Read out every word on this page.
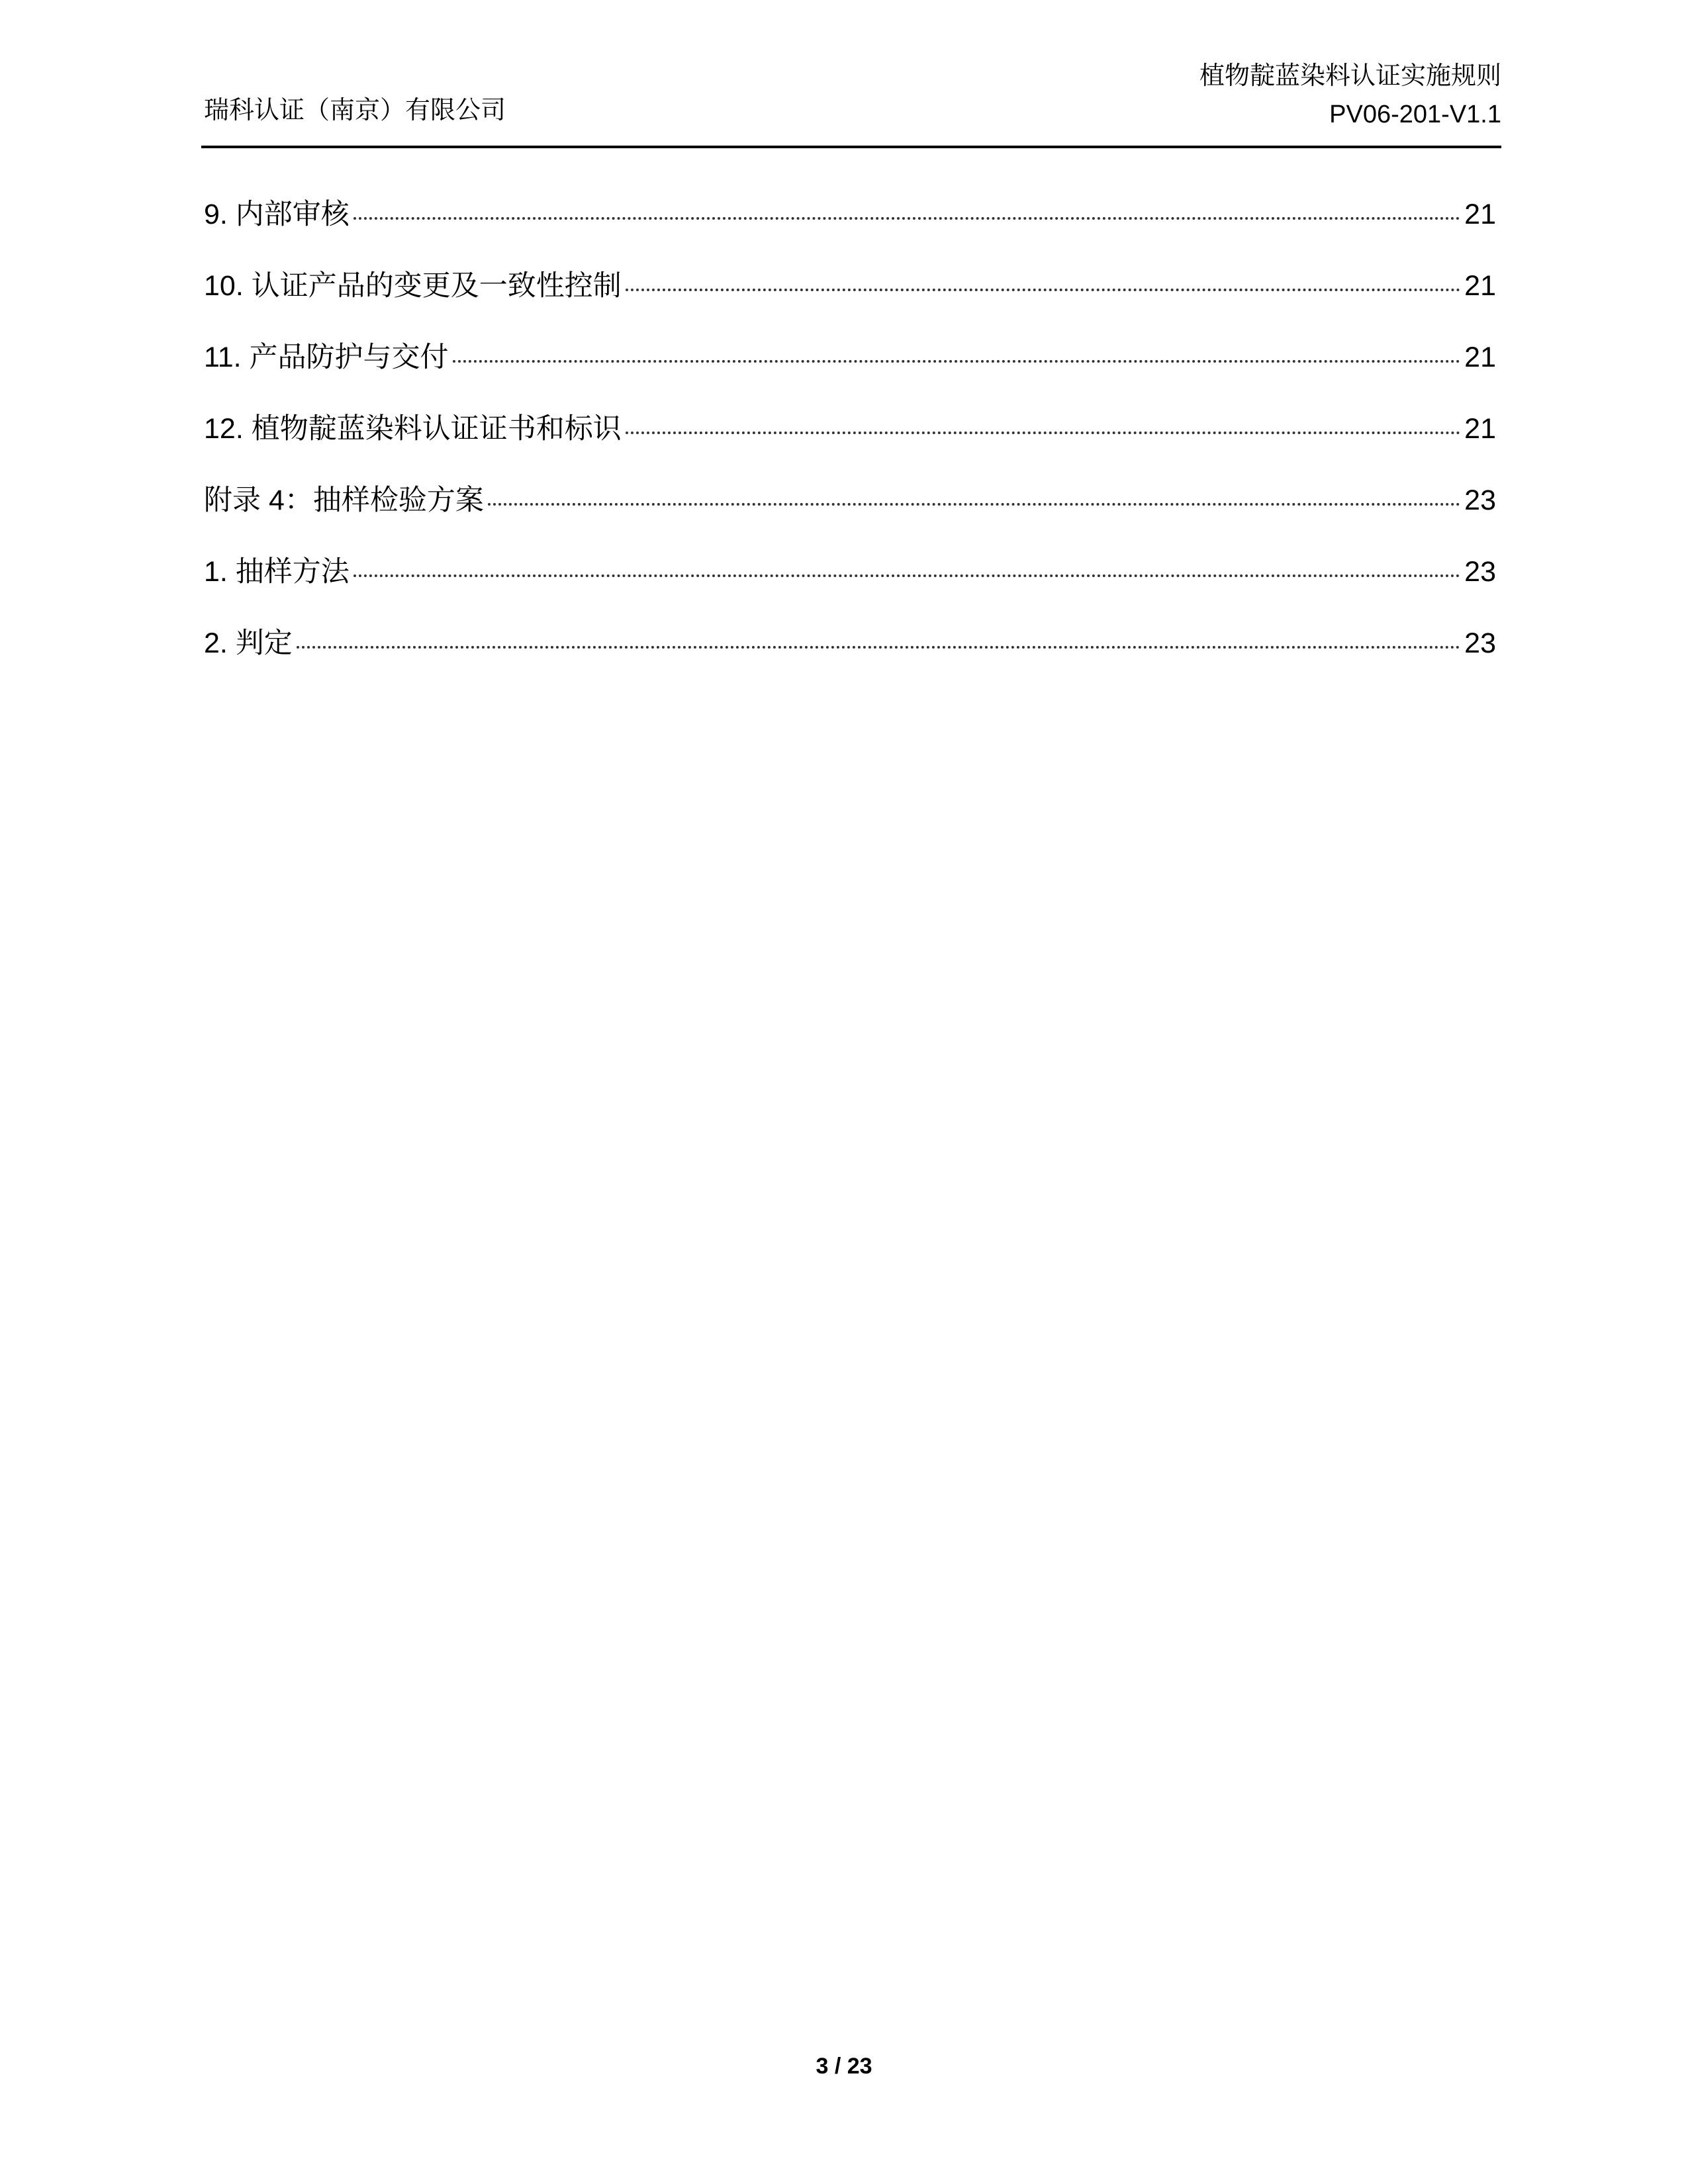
瑞科认证（南京）有限公司
植物靛蓝染料认证实施规则
PV06-201-V1.1
9. 内部审核	21
10. 认证产品的变更及一致性控制	21
11. 产品防护与交付	21
12. 植物靛蓝染料认证证书和标识	21
附录 4：抽样检验方案	23
1. 抽样方法	23
2. 判定	23
3 / 23
